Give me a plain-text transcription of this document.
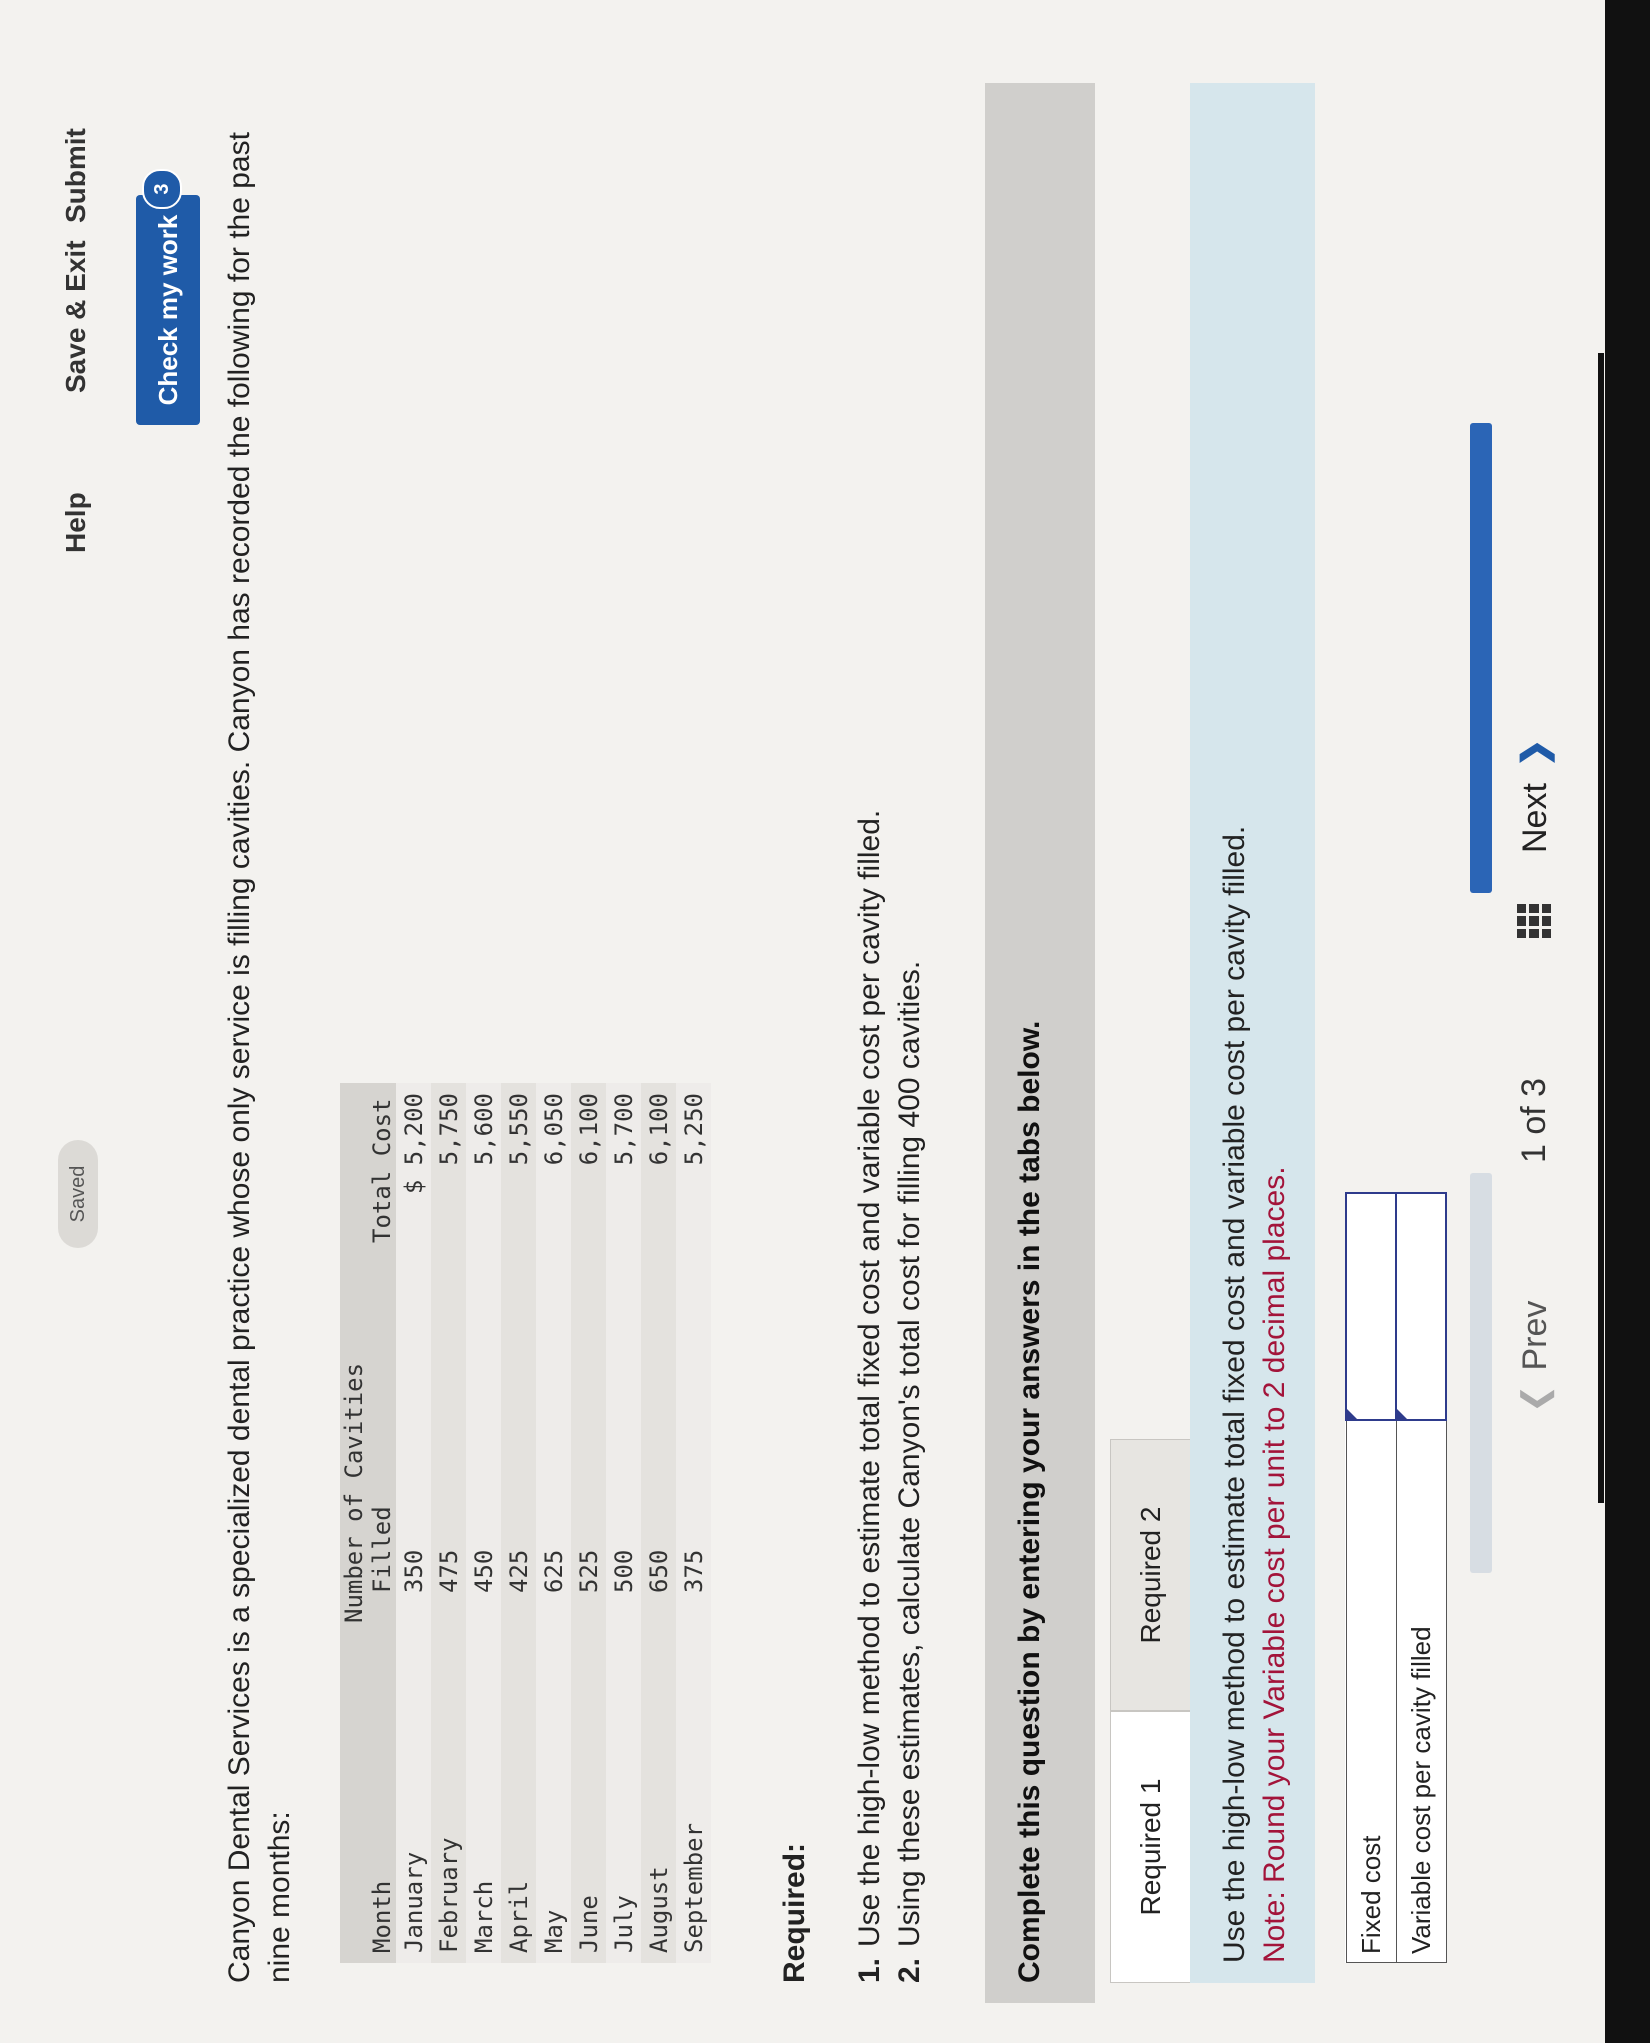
Saved
Help
Save & Exit
Submit
Check my work
3	Canyon Dental Services is a specialized dental practice whose only service is filling cavities. Canyon has recorded the following for the past nine months:	Month	Number of Cavities Filled	Total Cost
January	350	$ 5,200
February	475	5,750
March	450	5,600
April	425	5,550
May	625	6,050
June	525	6,100
July	500	5,700
August	650	6,100
September	375	5,250
Required: 1.
Use the high-low method to estimate total fixed cost and variable cost per cavity filled.
2.
Using these estimates, calculate Canyon's total cost for filling 400 cavities.	Complete this question by entering your answers in the tabs below.	Required 1
Required 2	Use the high-low method to estimate total fixed cost and variable cost per cavity filled. Note: Round your Variable cost per unit to 2 decimal places. Fixed cost	

Variable cost per cavity filled	
❮Prev
1 of 3
Next❯
